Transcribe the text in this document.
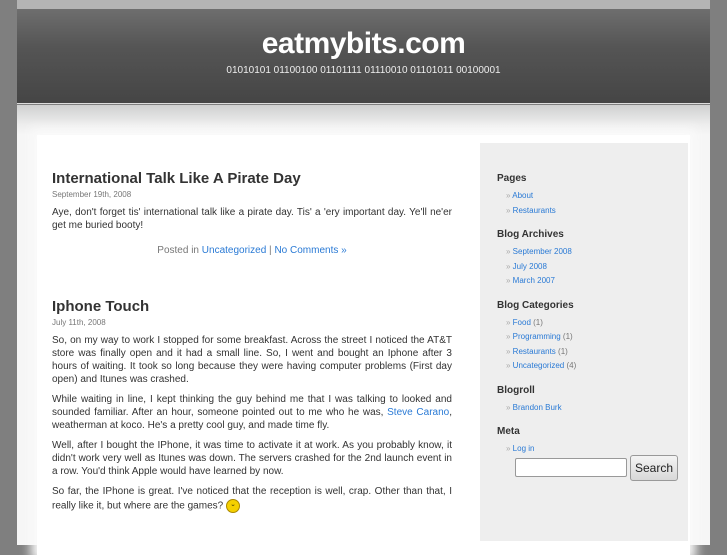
eatmybits.com
01010101 01100100 01101111 01110010 01101011 00100001
International Talk Like A Pirate Day
September 19th, 2008

Aye, don't forget tis' international talk like a pirate day. Tis' a 'ery important day. Ye'll ne'er get me buried booty!

Posted in Uncategorized | No Comments »
Iphone Touch
July 11th, 2008

So, on my way to work I stopped for some breakfast. Across the street I noticed the AT&T store was finally open and it had a small line. So, I went and bought an Iphone after 3 hours of waiting. It took so long because they were having computer problems (First day open) and Itunes was crashed.

While waiting in line, I kept thinking the guy behind me that I was talking to looked and sounded familiar. After an hour, someone pointed out to me who he was, Steve Carano, weatherman at koco. He's a pretty cool guy, and made time fly.

Well, after I bought the IPhone, it was time to activate it at work. As you probably know, it didn't work very well as Itunes was down. The servers crashed for the 2nd launch event in a row. You'd think Apple would have learned by now.

So far, the IPhone is great. I've noticed that the reception is well, crap. Other than that, I really like it, but where are the games? ᵕ

Pages
» About
» Restaurants
Blog Archives
» September 2008
» July 2008
» March 2007
Blog Categories
» Food (1)
» Programming (1)
» Restaurants (1)
» Uncategorized (4)
Blogroll
» Brandon Burk
Meta
» Log in
Search
